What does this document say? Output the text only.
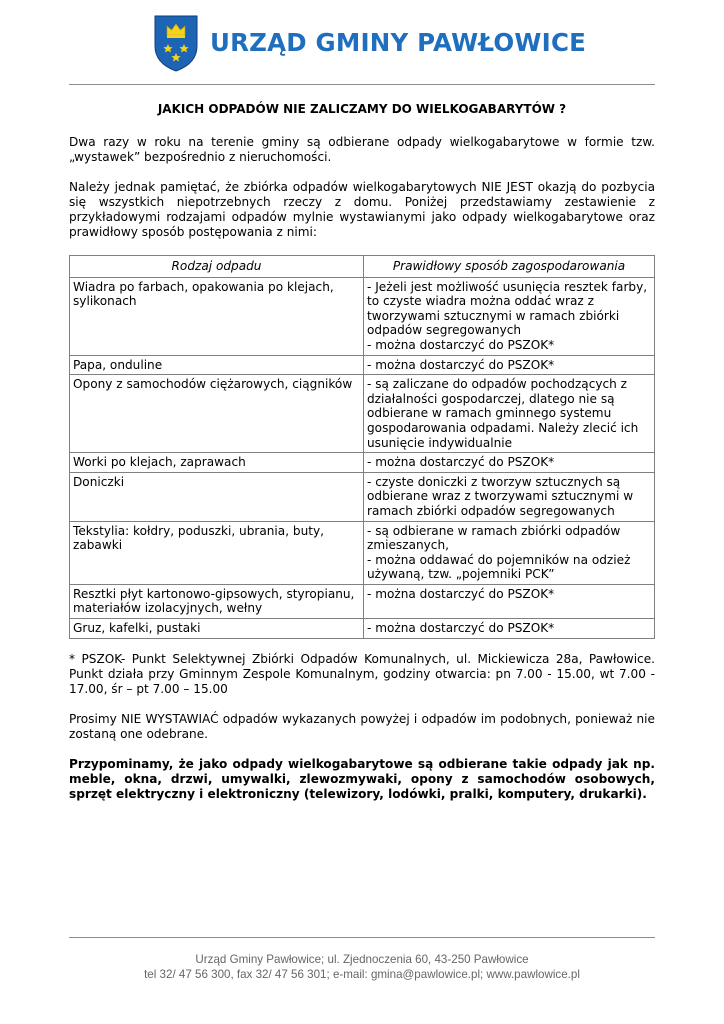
URZĄD GMINY PAWŁOWICE
JAKICH ODPADÓW NIE ZALICZAMY DO WIELKOGABARYTÓW ?

Dwa razy w roku na terenie gminy są odbierane odpady wielkogabarytowe w formie tzw. „wystawek” bezpośrednio z nieruchomości.

Należy jednak pamiętać, że zbiórka odpadów wielkogabarytowych NIE JEST okazją do pozbycia się wszystkich niepotrzebnych rzeczy z domu. Poniżej przedstawiamy zestawienie z przykładowymi rodzajami odpadów mylnie wystawianymi jako odpady wielkogabarytowe oraz prawidłowy sposób postępowania z nimi:

Rodzaj odpadu	Prawidłowy sposób zagospodarowania
Wiadra po farbach, opakowania po klejach, sylikonach	- Jeżeli jest możliwość usunięcia resztek farby, to czyste wiadra można oddać wraz z tworzywami sztucznymi w ramach zbiórki odpadów segregowanych
- można dostarczyć do PSZOK*

Papa, onduline	- można dostarczyć do PSZOK*

Opony z samochodów ciężarowych, ciągników	- są zaliczane do odpadów pochodzących z działalności gospodarczej, dlatego nie są odbierane w ramach gminnego systemu gospodarowania odpadami. Należy zlecić ich usunięcie indywidualnie

Worki po klejach, zaprawach	- można dostarczyć do PSZOK*

Doniczki	- czyste doniczki z tworzyw sztucznych są odbierane wraz z tworzywami sztucznymi w ramach zbiórki odpadów segregowanych

Tekstylia: kołdry, poduszki, ubrania, buty, zabawki	- są odbierane w ramach zbiórki odpadów zmieszanych,
- można oddawać do pojemników na odzież używaną, tzw. „pojemniki PCK”

Resztki płyt kartonowo-gipsowych, styropianu, materiałów izolacyjnych, wełny	- można dostarczyć do PSZOK*

Gruz, kafelki, pustaki	- można dostarczyć do PSZOK*

* PSZOK- Punkt Selektywnej Zbiórki Odpadów Komunalnych, ul. Mickiewicza 28a, Pawłowice. Punkt działa przy Gminnym Zespole Komunalnym, godziny otwarcia: pn 7.00 - 15.00, wt 7.00 - 17.00, śr – pt 7.00 – 15.00

Prosimy NIE WYSTAWIAĆ odpadów wykazanych powyżej i odpadów im podobnych, ponieważ nie zostaną one odebrane.

Przypominamy, że jako odpady wielkogabarytowe są odbierane takie odpady jak np. meble, okna, drzwi, umywalki, zlewozmywaki, opony z samochodów osobowych, sprzęt elektryczny i elektroniczny (telewizory, lodówki, pralki, komputery, drukarki).

Urząd Gminy Pawłowice; ul. Zjednoczenia 60, 43-250 Pawłowice
tel 32/ 47 56 300, fax 32/ 47 56 301; e-mail: gmina@pawlowice.pl; www.pawlowice.pl
